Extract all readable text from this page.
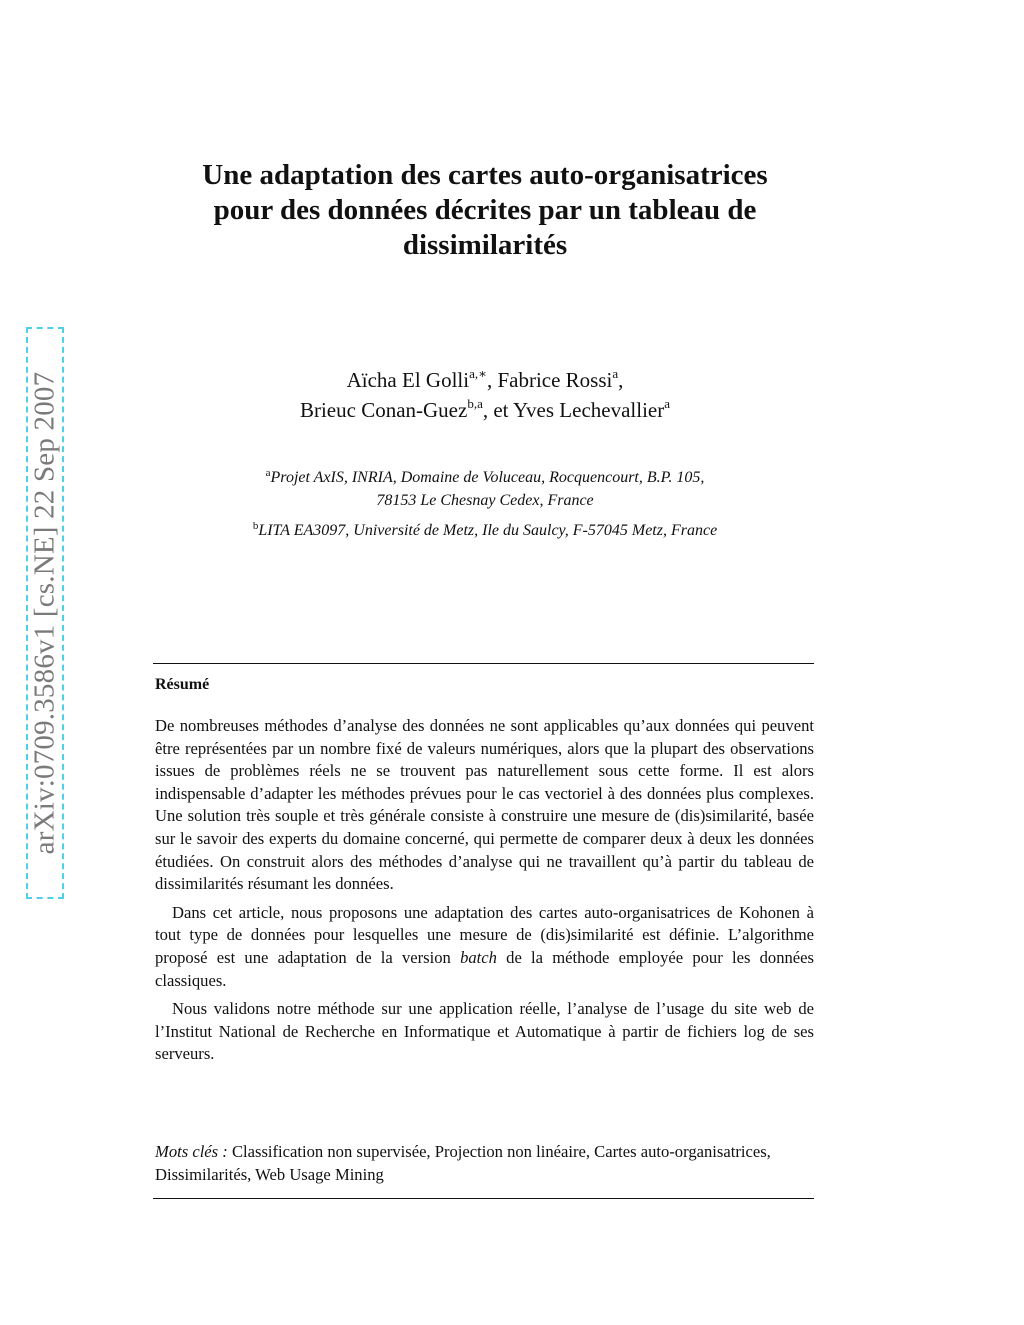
arXiv:0709.3586v1 [cs.NE] 22 Sep 2007
Une adaptation des cartes auto-organisatrices
pour des données décrites par un tableau de
dissimilarités
Aïcha El Golli$^{a,∗}$, Fabrice Rossi$^a$,
Brieuc Conan-Guez$^{b,a}$, et Yves Lechevallier$^a$

$^a$Projet AxIS, INRIA, Domaine de Voluceau, Rocquencourt, B.P. 105,
78153 Le Chesnay Cedex, France

$^b$LITA EA3097, Université de Metz, Ile du Saulcy, F-57045 Metz, France

Résumé

De nombreuses méthodes d’analyse des données ne sont applicables qu’aux données qui peuvent être représentées par un nombre fixé de valeurs numériques, alors que la plupart des observations issues de problèmes réels ne se trouvent pas naturellement sous cette forme. Il est alors indispensable d’adapter les méthodes prévues pour le cas vectoriel à des données plus complexes. Une solution très souple et très générale consiste à construire une mesure de (dis)similarité, basée sur le savoir des experts du domaine concerné, qui permette de comparer deux à deux les données étudiées. On construit alors des méthodes d’analyse qui ne travaillent qu’à partir du tableau de dissimilarités résumant les données.

Dans cet article, nous proposons une adaptation des cartes auto-organisatrices de Kohonen à tout type de données pour lesquelles une mesure de (dis)similarité est définie. L’algorithme proposé est une adaptation de la version batch de la méthode employée pour les données classiques.

Nous validons notre méthode sur une application réelle, l’analyse de l’usage du site web de l’Institut National de Recherche en Informatique et Automatique à partir de fichiers log de ses serveurs.

Mots clés : Classification non supervisée, Projection non linéaire, Cartes auto-organisatrices, Dissimilarités, Web Usage Mining
